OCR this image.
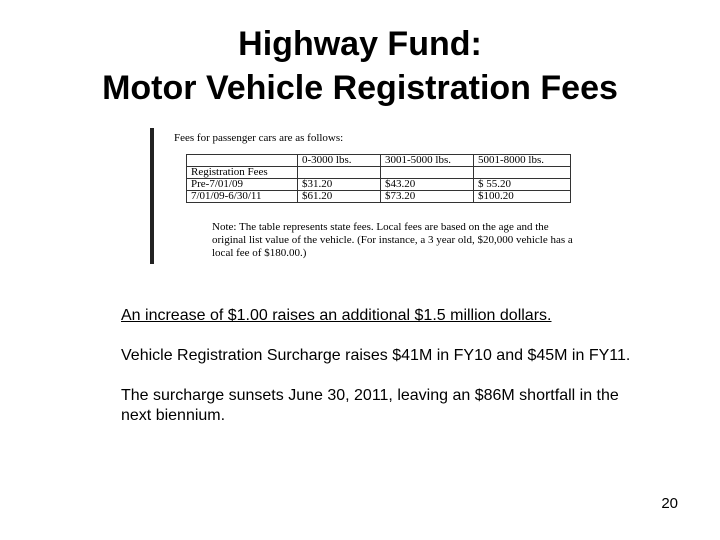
Highway Fund:
Motor Vehicle Registration Fees
Fees for passenger cars are as follows:
	0-3000 lbs.	3001-5000 lbs.	5001-8000 lbs.
Registration Fees			
Pre-7/01/09	$31.20	$43.20	$ 55.20
7/01/09-6/30/11	$61.20	$73.20	$100.20
Note: The table represents state fees. Local fees are based on the age and the original list value of the vehicle. (For instance, a 3 year old, $20,000 vehicle has a local fee of $180.00.)

An increase of $1.00 raises an additional $1.5 million dollars.

Vehicle Registration Surcharge raises $41M in FY10 and $45M in FY11.

The surcharge sunsets June 30, 2011, leaving an $86M shortfall in the next biennium.

20
